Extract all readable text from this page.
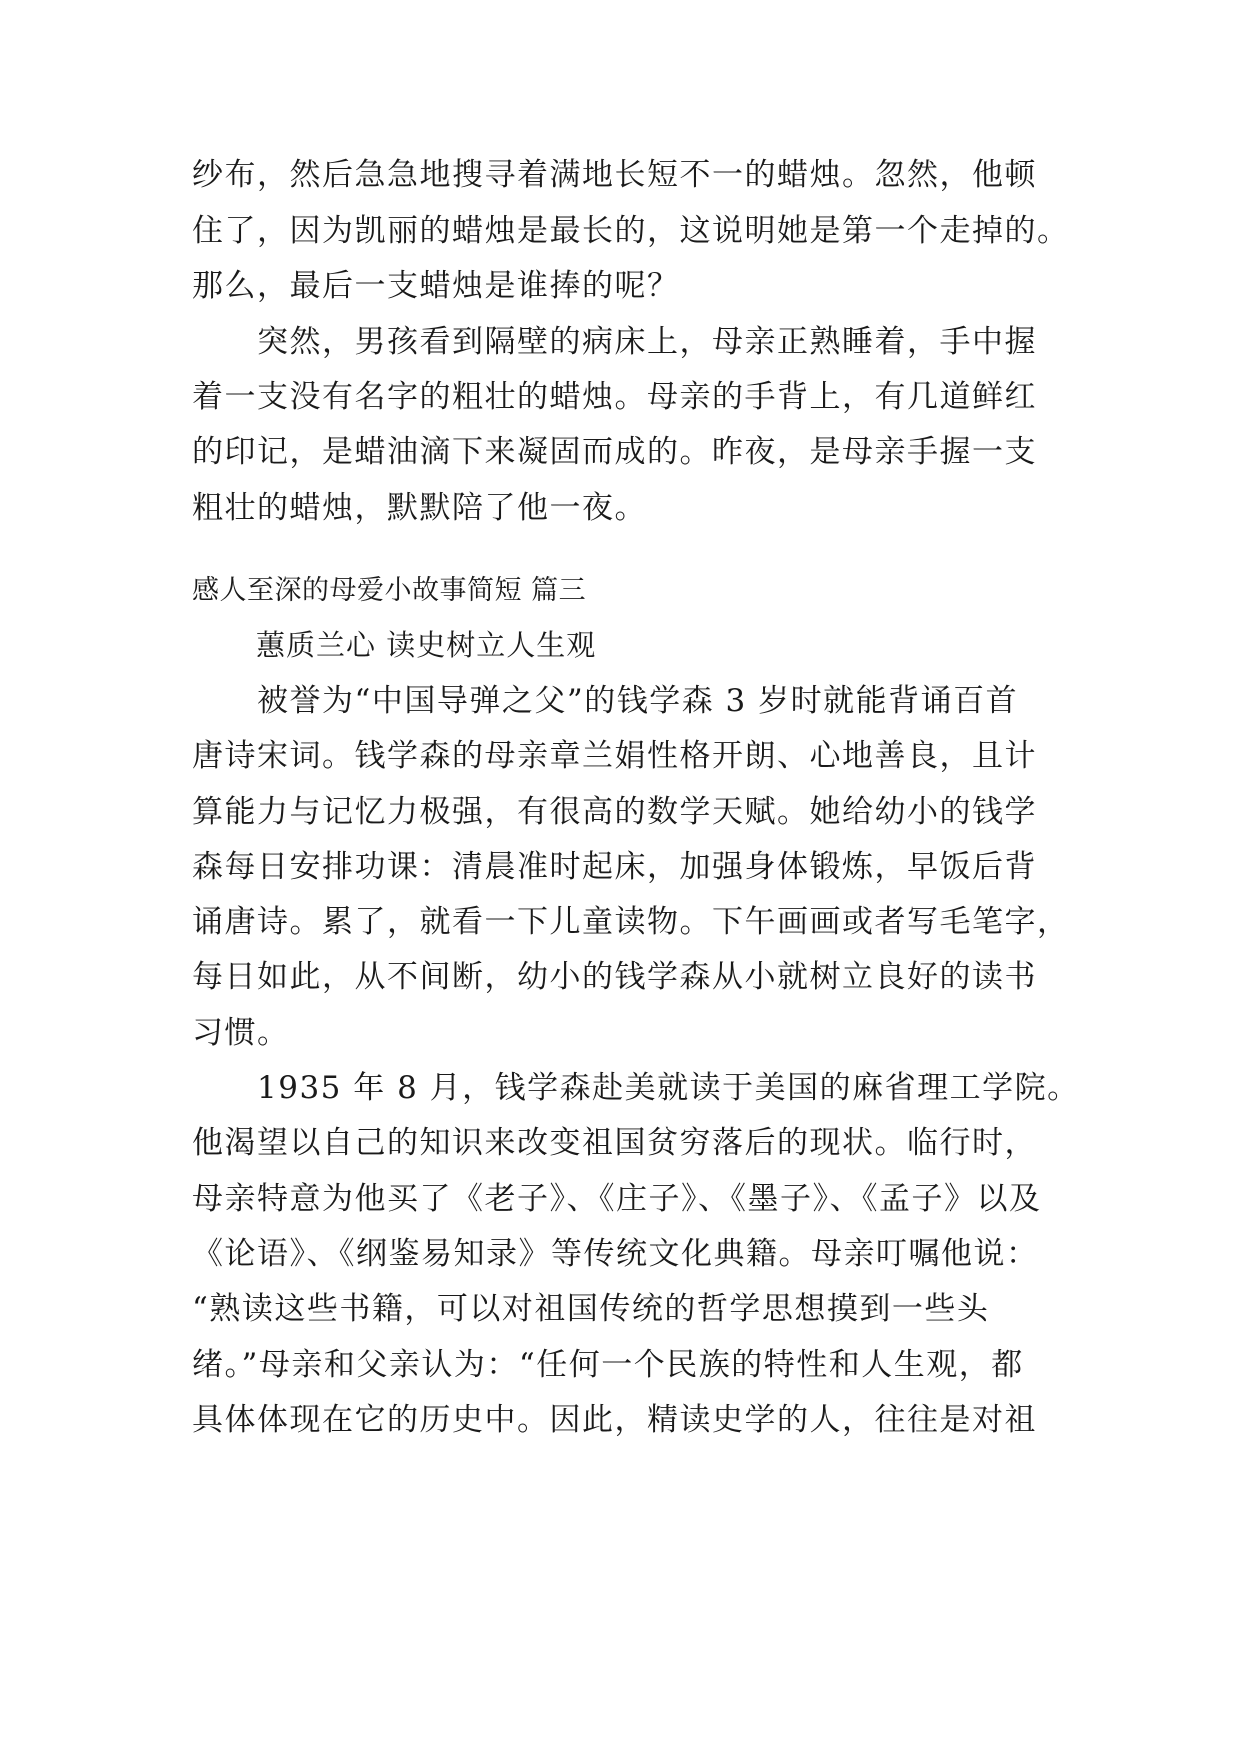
纱布，然后急急地搜寻着满地长短不一的蜡烛。忽然，他顿
住了，因为凯丽的蜡烛是最长的，这说明她是第一个走掉的。
那么，最后一支蜡烛是谁捧的呢？
　　突然，男孩看到隔壁的病床上，母亲正熟睡着，手中握
着一支没有名字的粗壮的蜡烛。母亲的手背上，有几道鲜红
的印记，是蜡油滴下来凝固而成的。昨夜，是母亲手握一支
粗壮的蜡烛，默默陪了他一夜。
感人至深的母爱小故事简短 篇三
蕙质兰心 读史树立人生观
　　被誉为“中国导弹之父”的钱学森 3 岁时就能背诵百首
唐诗宋词。钱学森的母亲章兰娟性格开朗、心地善良，且计
算能力与记忆力极强，有很高的数学天赋。她给幼小的钱学
森每日安排功课：清晨准时起床，加强身体锻炼，早饭后背
诵唐诗。累了，就看一下儿童读物。下午画画或者写毛笔字，
每日如此，从不间断，幼小的钱学森从小就树立良好的读书
习惯。
　　1935 年 8 月，钱学森赴美就读于美国的麻省理工学院。
他渴望以自己的知识来改变祖国贫穷落后的现状。临行时，
母亲特意为他买了《老子》、《庄子》、《墨子》、《孟子》以及
《论语》、《纲鉴易知录》等传统文化典籍。母亲叮嘱他说：
“熟读这些书籍，可以对祖国传统的哲学思想摸到一些头
绪。”母亲和父亲认为：“任何一个民族的特性和人生观，都
具体体现在它的历史中。因此，精读史学的人，往往是对祖
